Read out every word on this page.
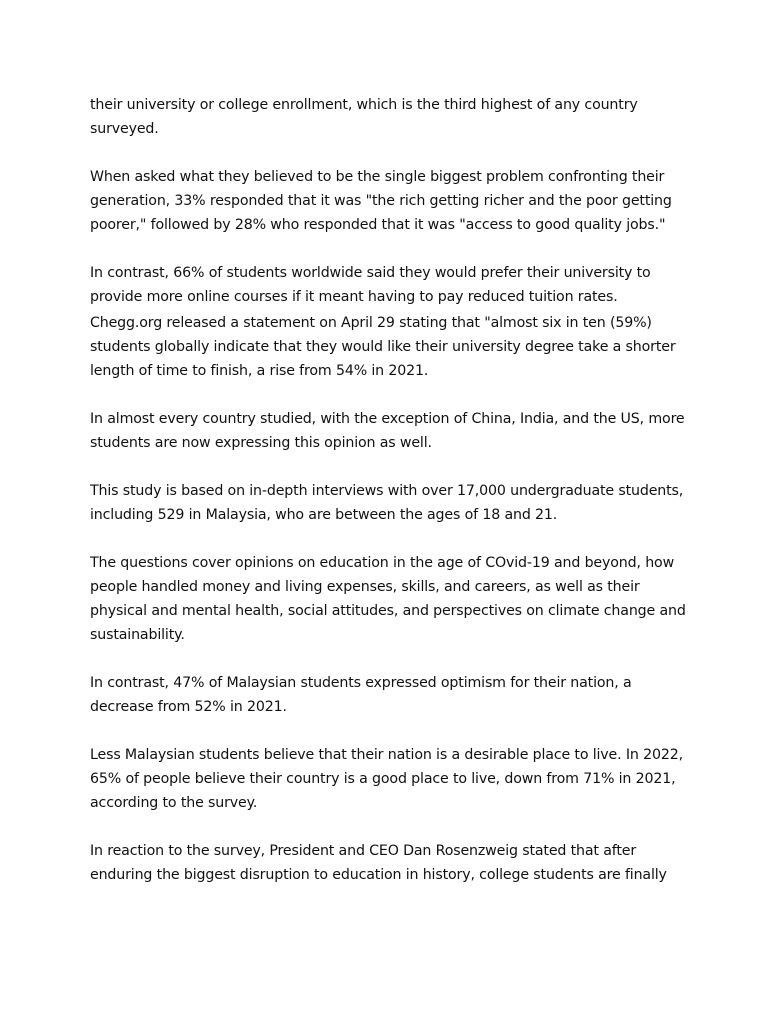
their university or college enrollment, which is the third highest of any country surveyed.

When asked what they believed to be the single biggest problem confronting their generation, 33% responded that it was "the rich getting richer and the poor getting poorer," followed by 28% who responded that it was "access to good quality jobs."

In contrast, 66% of students worldwide said they would prefer their university to provide more online courses if it meant having to pay reduced tuition rates.

Chegg.org released a statement on April 29 stating that "almost six in ten (59%) students globally indicate that they would like their university degree take a shorter length of time to finish, a rise from 54% in 2021.

In almost every country studied, with the exception of China, India, and the US, more students are now expressing this opinion as well.

This study is based on in-depth interviews with over 17,000 undergraduate students, including 529 in Malaysia, who are between the ages of 18 and 21.

The questions cover opinions on education in the age of COvid-19 and beyond, how people handled money and living expenses, skills, and careers, as well as their physical and mental health, social attitudes, and perspectives on climate change and sustainability.

In contrast, 47% of Malaysian students expressed optimism for their nation, a decrease from 52% in 2021.

Less Malaysian students believe that their nation is a desirable place to live. In 2022, 65% of people believe their country is a good place to live, down from 71% in 2021, according to the survey.

In reaction to the survey, President and CEO Dan Rosenzweig stated that after enduring the biggest disruption to education in history, college students are finally
